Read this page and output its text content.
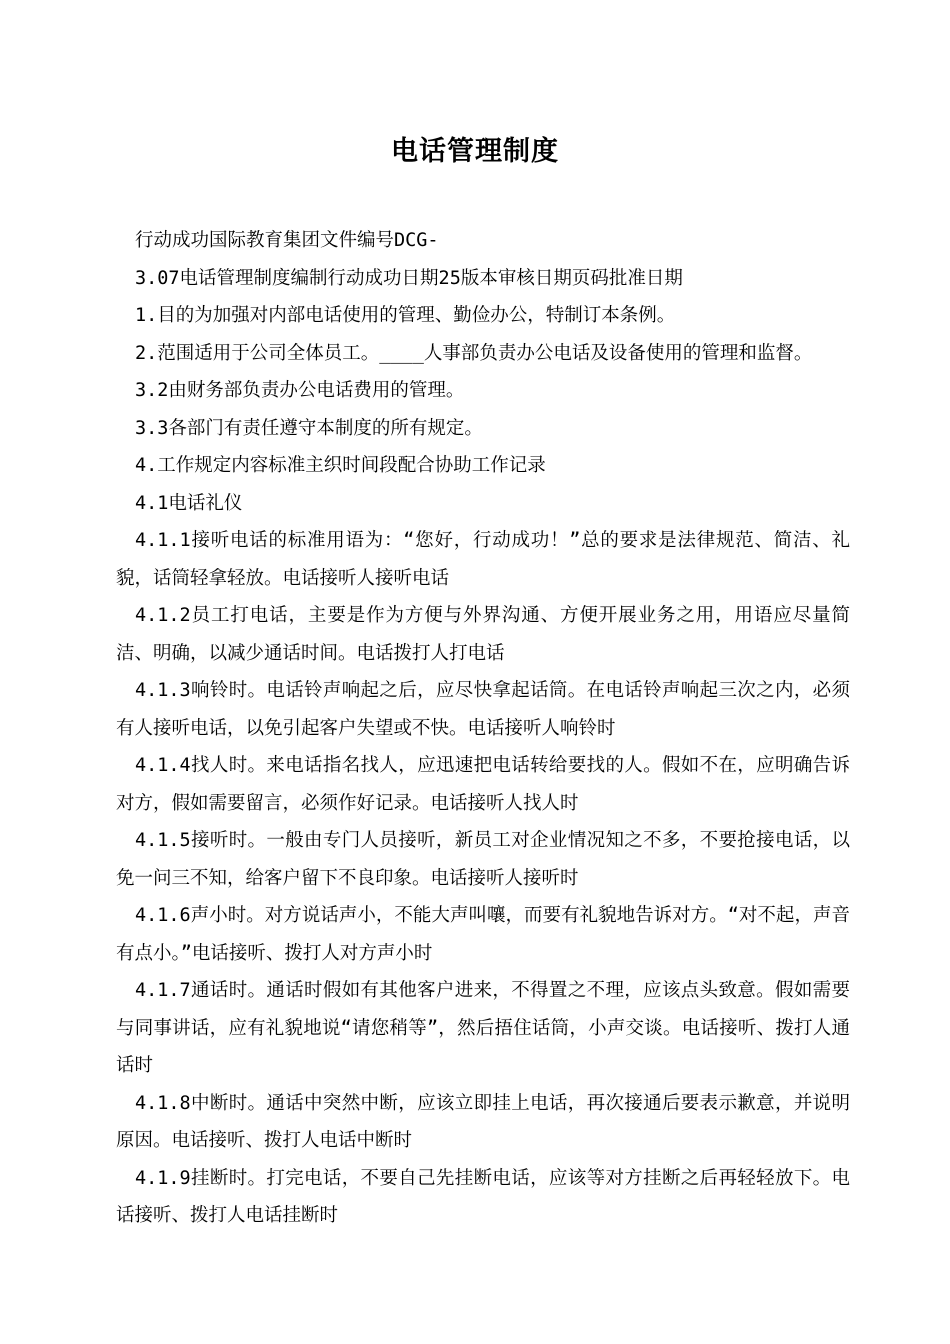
电话管理制度

行动成功国际教育集团文件编号DCG-

3.07电话管理制度编制行动成功日期25版本审核日期页码批准日期

1.目的为加强对内部电话使用的管理、勤俭办公，特制订本条例。

2.范围适用于公司全体员工。____人事部负责办公电话及设备使用的管理和监督。

3.2由财务部负责办公电话费用的管理。

3.3各部门有责任遵守本制度的所有规定。

4.工作规定内容标准主织时间段配合协助工作记录

4.1电话礼仪

4.1.1接听电话的标准用语为：“您好，行动成功！”总的要求是法律规范、简洁、礼貌，话筒轻拿轻放。电话接听人接听电话

4.1.2员工打电话，主要是作为方便与外界沟通、方便开展业务之用，用语应尽量简洁、明确，以减少通话时间。电话拨打人打电话

4.1.3响铃时。电话铃声响起之后，应尽快拿起话筒。在电话铃声响起三次之内，必须有人接听电话，以免引起客户失望或不快。电话接听人响铃时

4.1.4找人时。来电话指名找人，应迅速把电话转给要找的人。假如不在，应明确告诉对方，假如需要留言，必须作好记录。电话接听人找人时

4.1.5接听时。一般由专门人员接听，新员工对企业情况知之不多，不要抢接电话，以免一问三不知，给客户留下不良印象。电话接听人接听时

4.1.6声小时。对方说话声小，不能大声叫嚷，而要有礼貌地告诉对方。“对不起，声音有点小。”电话接听、拨打人对方声小时

4.1.7通话时。通话时假如有其他客户进来，不得置之不理，应该点头致意。假如需要与同事讲话，应有礼貌地说“请您稍等”，然后捂住话筒，小声交谈。电话接听、拨打人通话时

4.1.8中断时。通话中突然中断，应该立即挂上电话，再次接通后要表示歉意，并说明原因。电话接听、拨打人电话中断时

4.1.9挂断时。打完电话，不要自己先挂断电话，应该等对方挂断之后再轻轻放下。电话接听、拨打人电话挂断时
